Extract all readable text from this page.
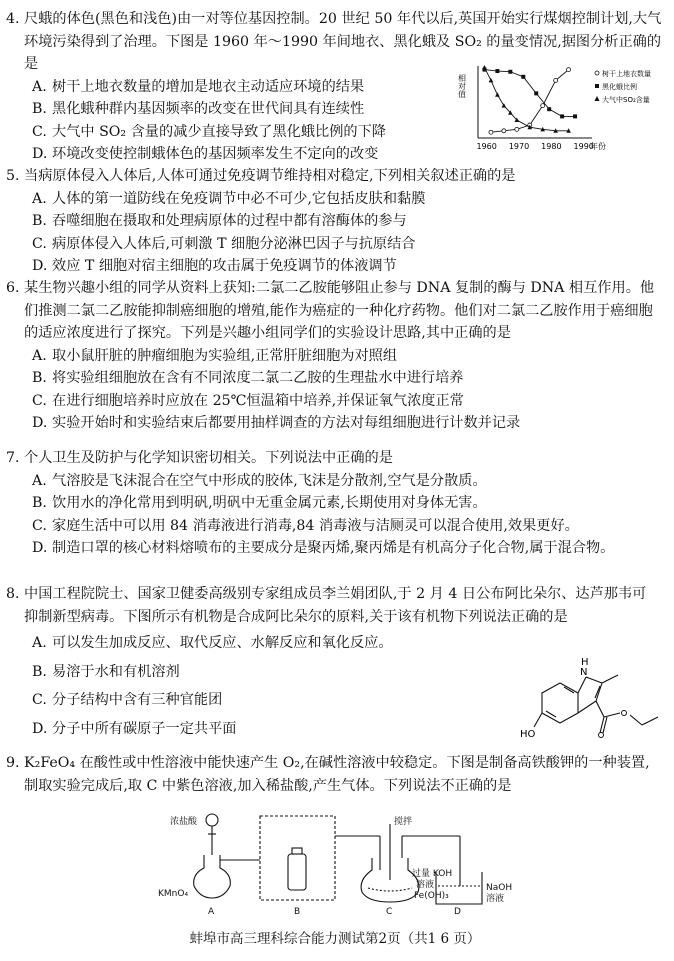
4. 尺蛾的体色(黑色和浅色)由一对等位基因控制。20 世纪 50 年代以后,英国开始实行煤烟控制计划,大气环境污染得到了治理。下图是 1960 年～1990 年间地衣、黑化蛾及 SO₂ 的量变情况,据图分析正确的是

A. 树干上地衣数量的增加是地衣主动适应环境的结果

B. 黑化蛾种群内基因频率的改变在世代间具有连续性

C. 大气中 SO₂ 含量的减少直接导致了黑化蛾比例的下降

D. 环境改变使控制蛾体色的基因频率发生不定向的改变

相对值
1960 1970 1980 1990
年份
树干上地衣数量
黑化蛾比例
大气中SO₂含量

5. 当病原体侵入人体后,人体可通过免疫调节维持相对稳定,下列相关叙述正确的是

A. 人体的第一道防线在免疫调节中必不可少,它包括皮肤和黏膜

B. 吞噬细胞在摄取和处理病原体的过程中都有溶酶体的参与

C. 病原体侵入人体后,可刺激 T 细胞分泌淋巴因子与抗原结合

D. 效应 T 细胞对宿主细胞的攻击属于免疫调节的体液调节

6. 某生物兴趣小组的同学从资料上获知:二氯二乙胺能够阻止参与 DNA 复制的酶与 DNA 相互作用。他们推测二氯二乙胺能抑制癌细胞的增殖,能作为癌症的一种化疗药物。他们对二氯二乙胺作用于癌细胞的适应浓度进行了探究。下列是兴趣小组同学们的实验设计思路,其中正确的是

A. 取小鼠肝脏的肿瘤细胞为实验组,正常肝脏细胞为对照组

B. 将实验组细胞放在含有不同浓度二氯二乙胺的生理盐水中进行培养

C. 在进行细胞培养时应放在 25℃恒温箱中培养,并保证氧气浓度正常

D. 实验开始时和实验结束后都要用抽样调查的方法对每组细胞进行计数并记录

7. 个人卫生及防护与化学知识密切相关。下列说法中正确的是

A. 气溶胶是飞沫混合在空气中形成的胶体,飞沫是分散剂,空气是分散质。

B. 饮用水的净化常用到明矾,明矾中无重金属元素,长期使用对身体无害。

C. 家庭生活中可以用 84 消毒液进行消毒,84 消毒液与洁厕灵可以混合使用,效果更好。

D. 制造口罩的核心材料熔喷布的主要成分是聚丙烯,聚丙烯是有机高分子化合物,属于混合物。

8. 中国工程院院士、国家卫健委高级别专家组成员李兰娟团队,于 2 月 4 日公布阿比朵尔、达芦那韦可抑制新型病毒。下图所示有机物是合成阿比朵尔的原料,关于该有机物下列说法正确的是

A. 可以发生加成反应、取代反应、水解反应和氧化反应。

B. 易溶于水和有机溶剂

C. 分子结构中含有三种官能团

D. 分子中所有碳原子一定共平面

N
H
HO

9. K₂FeO₄ 在酸性或中性溶液中能快速产生 O₂,在碱性溶液中较稳定。下图是制备高铁酸钾的一种装置,制取实验完成后,取 C 中紫色溶液,加入稀盐酸,产生气体。下列说法不正确的是

浓盐酸
KMnO₄
搅拌
过量 KOH
溶液
Fe(OH)₃
NaOH
溶液
A	B	C	D
蚌埠市高三理科综合能力测试第2页（共1 6 页）
